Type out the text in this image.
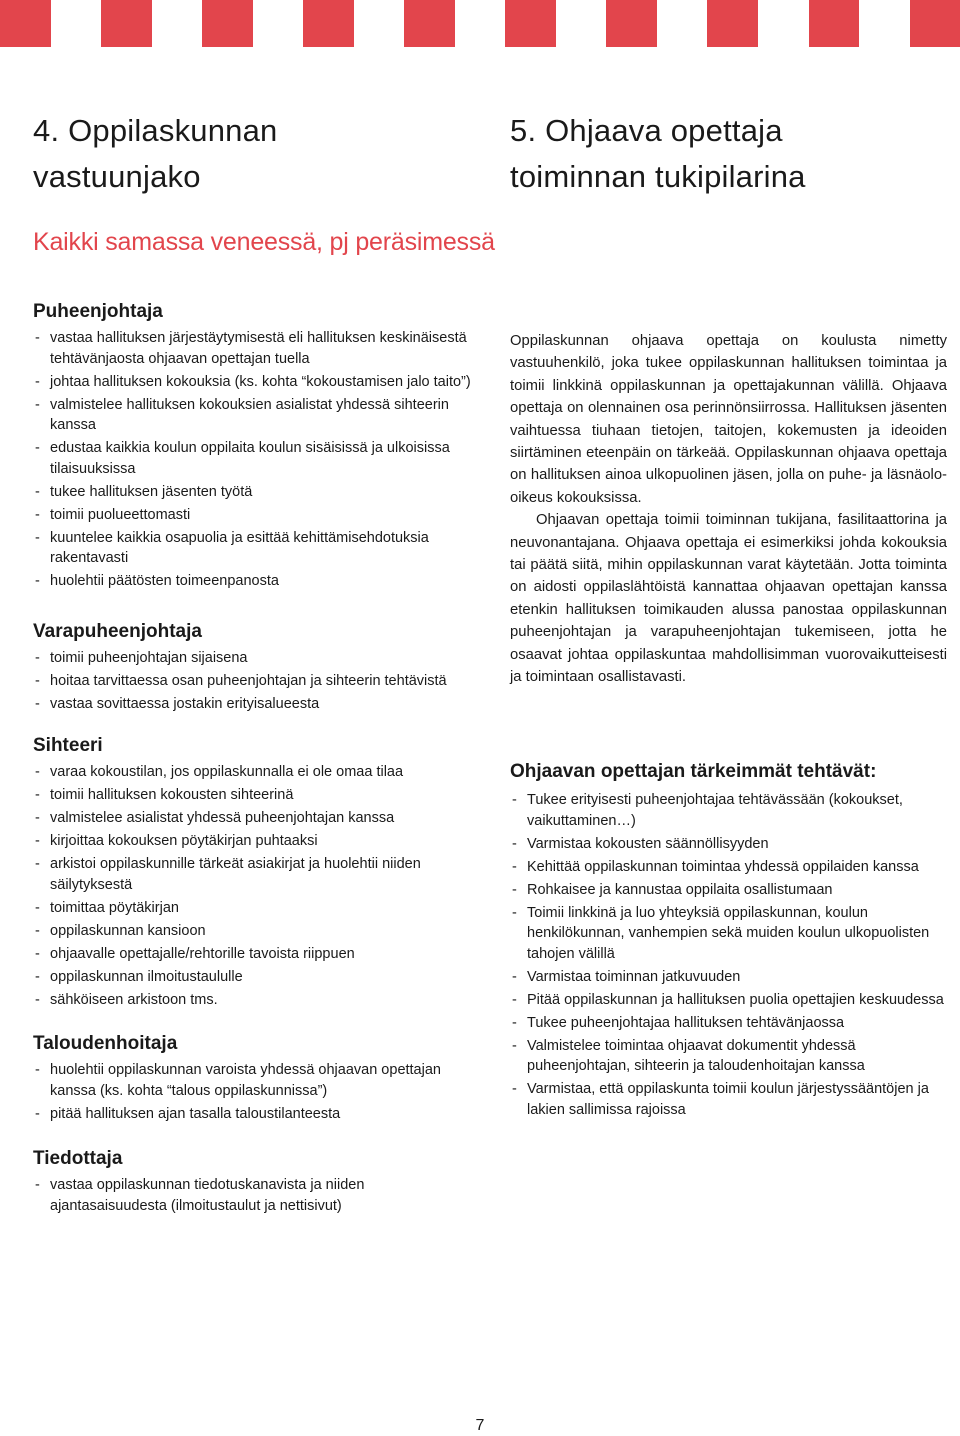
4. Oppilaskunnan
vastuunjako
5. Ohjaava opettaja
toiminnan tukipilarina
Kaikki samassa veneessä, pj peräsimessä
Puheenjohtaja
- vastaa hallituksen järjestäytymisestä eli hallituksen keskinäisestä tehtävänjaosta ohjaavan opettajan tuella
- johtaa hallituksen kokouksia (ks. kohta “kokoustamisen jalo taito”)
- valmistelee hallituksen kokouksien asialistat yhdessä sihteerin kanssa
- edustaa kaikkia koulun oppilaita koulun sisäisissä ja ulkoisissa tilaisuuksissa
- tukee hallituksen jäsenten työtä
- toimii puolueettomasti
- kuuntelee kaikkia osapuolia ja esittää kehittämisehdotuksia rakentavasti
- huolehtii päätösten toimeenpanosta
Varapuheenjohtaja
- toimii puheenjohtajan sijaisena
- hoitaa tarvittaessa osan puheenjohtajan ja sihteerin tehtävistä
- vastaa sovittaessa jostakin erityisalueesta
Sihteeri
- varaa kokoustilan, jos oppilaskunnalla ei ole omaa tilaa
- toimii hallituksen kokousten sihteerinä
- valmistelee asialistat yhdessä puheenjohtajan kanssa
- kirjoittaa kokouksen pöytäkirjan puhtaaksi
- arkistoi oppilaskunnille tärkeät asiakirjat ja huolehtii niiden säilytyksestä
- toimittaa pöytäkirjan
- oppilaskunnan kansioon
- ohjaavalle opettajalle/rehtorille tavoista riippuen
- oppilaskunnan ilmoitustaululle
- sähköiseen arkistoon tms.
Taloudenhoitaja
- huolehtii oppilaskunnan varoista yhdessä ohjaavan opettajan kanssa (ks. kohta “talous oppilaskunnissa”)
- pitää hallituksen ajan tasalla taloustilanteesta
Tiedottaja
- vastaa oppilaskunnan tiedotuskanavista ja niiden ajantasaisuudesta (ilmoitustaulut ja nettisivut)

Oppilaskunnan ohjaava opettaja on koulusta nimetty vastuuhenkilö, joka tukee oppilaskunnan hallituksen toimintaa ja toimii linkkinä oppilaskunnan ja opettajakunnan välillä. Ohjaava opettaja on olennainen osa perinnönsiirrossa. Hallituksen jäsenten vaihtuessa tiuhaan tietojen, taitojen, kokemusten ja ideoiden siirtäminen eteenpäin on tärkeää. Oppilaskunnan ohjaava opettaja on hallituksen ainoa ulkopuolinen jäsen, jolla on puhe- ja läsnäolo-oikeus kokouksissa.

Ohjaavan opettaja toimii toiminnan tukijana, fasilitaattorina ja neuvonantajana. Ohjaava opettaja ei esimerkiksi johda kokouksia tai päätä siitä, mihin oppilaskunnan varat käytetään. Jotta toiminta on aidosti oppilaslähtöistä kannattaa ohjaavan opettajan kanssa etenkin hallituksen toimikauden alussa panostaa oppilaskunnan puheenjohtajan ja varapuheenjohtajan tukemiseen, jotta he osaavat johtaa oppilaskuntaa mahdollisimman vuorovaikutteisesti ja toimintaan osallistavasti.

Ohjaavan opettajan tärkeimmät tehtävät:
- Tukee erityisesti puheenjohtajaa tehtävässään (kokoukset, vaikuttaminen…)
- Varmistaa kokousten säännöllisyyden
- Kehittää oppilaskunnan toimintaa yhdessä oppilaiden kanssa
- Rohkaisee ja kannustaa oppilaita osallistumaan
- Toimii linkkinä ja luo yhteyksiä oppilaskunnan, koulun henkilökunnan, vanhempien sekä muiden koulun ulkopuolisten tahojen välillä
- Varmistaa toiminnan jatkuvuuden
- Pitää oppilaskunnan ja hallituksen puolia opettajien keskuudessa
- Tukee puheenjohtajaa hallituksen tehtävänjaossa
- Valmistelee toimintaa ohjaavat dokumentit yhdessä puheenjohtajan, sihteerin ja taloudenhoitajan kanssa
- Varmistaa, että oppilaskunta toimii koulun järjestyssääntöjen ja lakien sallimissa rajoissa
7
